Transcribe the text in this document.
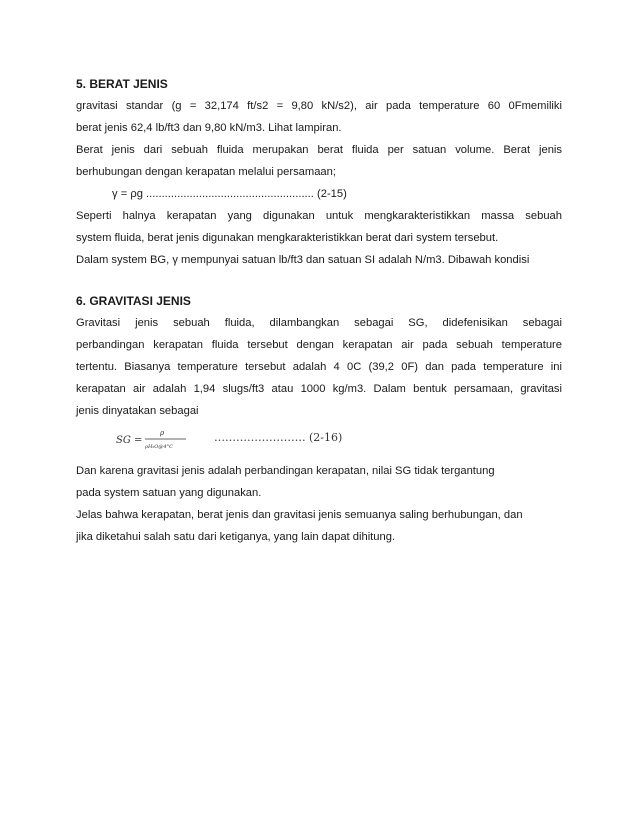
5. BERAT JENIS
gravitasi standar (g = 32,174 ft/s2 = 9,80 kN/s2), air pada temperature 60 0Fmemiliki
berat jenis 62,4 lb/ft3 dan 9,80 kN/m3. Lihat lampiran.
Berat jenis dari sebuah fluida merupakan berat fluida per satuan volume. Berat jenis
berhubungan dengan kerapatan melalui persamaan;
γ = ρg ...................................................... (2-15)
Seperti halnya kerapatan yang digunakan untuk mengkarakteristikkan massa sebuah
system fluida, berat jenis digunakan mengkarakteristikkan berat dari system tersebut.
Dalam system BG, γ mempunyai satuan lb/ft3 dan satuan SI adalah N/m3. Dibawah kondisi
6. GRAVITASI JENIS
Gravitasi jenis sebuah fluida, dilambangkan sebagai SG, didefenisikan sebagai
perbandingan kerapatan fluida tersebut dengan kerapatan air pada sebuah temperature
tertentu. Biasanya temperature tersebut adalah 4 0C (39,2 0F) dan pada temperature ini
kerapatan air adalah 1,94 slugs/ft3 atau 1000 kg/m3. Dalam bentuk persamaan, gravitasi
jenis dinyatakan sebagai
SG =
ρ
ρH₂O@4°C
……………………. (2-16)
Dan karena gravitasi jenis adalah perbandingan kerapatan, nilai SG tidak tergantung
pada system satuan yang digunakan.
Jelas bahwa kerapatan, berat jenis dan gravitasi jenis semuanya saling berhubungan, dan
jika diketahui salah satu dari ketiganya, yang lain dapat dihitung.
